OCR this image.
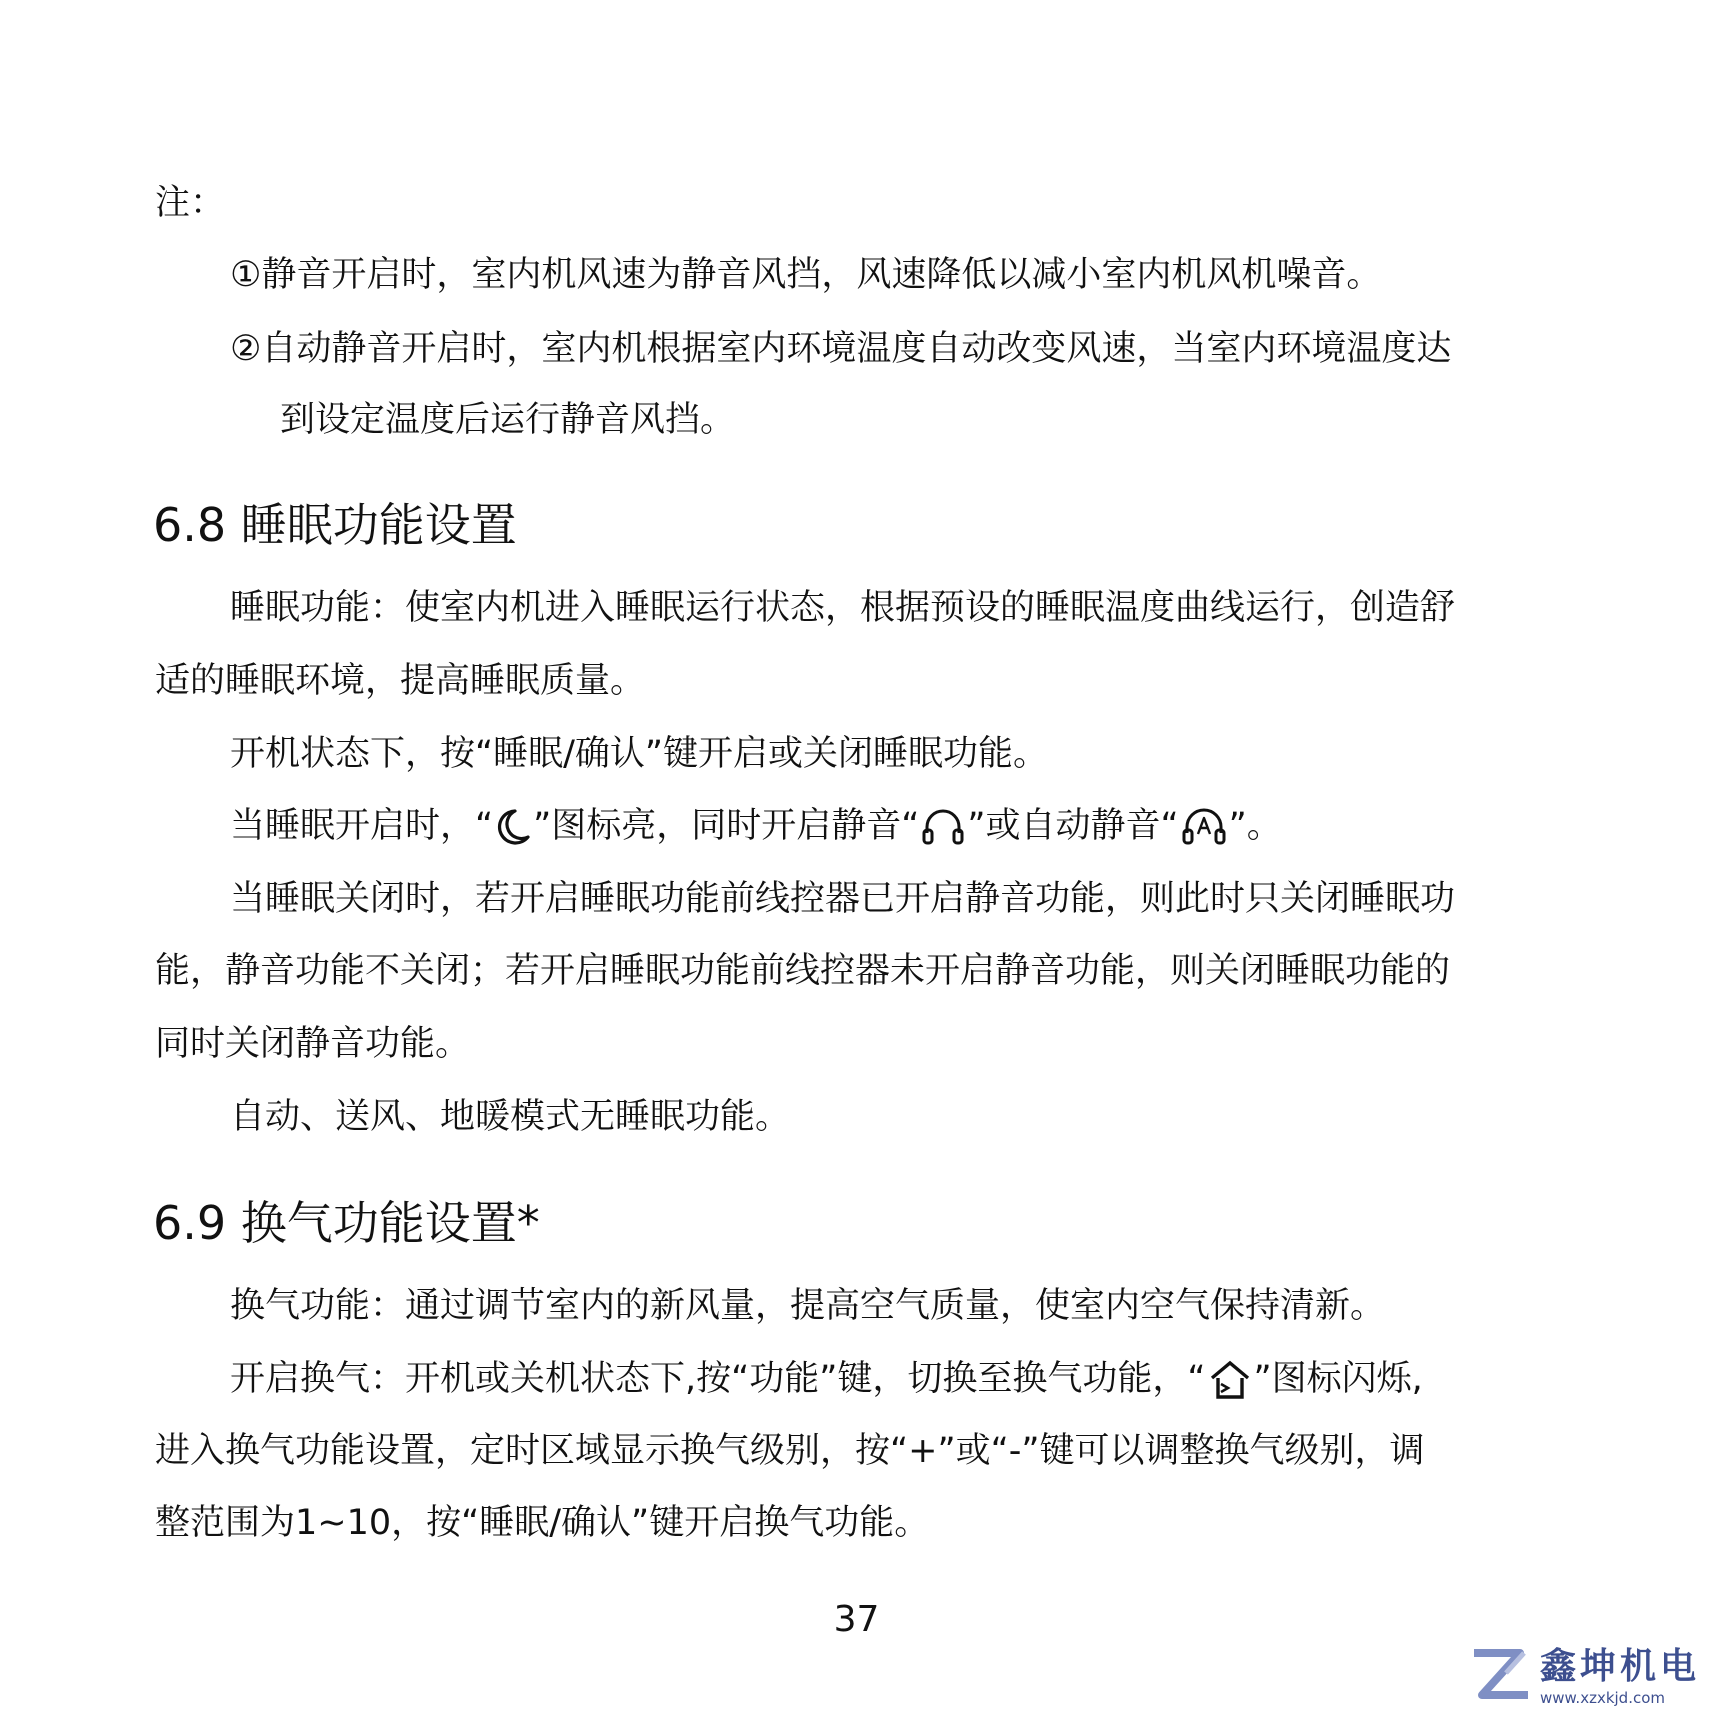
注：
①静音开启时，室内机风速为静音风挡，风速降低以减小室内机风机噪音。
②自动静音开启时，室内机根据室内环境温度自动改变风速，当室内环境温度达
到设定温度后运行静音风挡。
6.8 睡眠功能设置
睡眠功能：使室内机进入睡眠运行状态，根据预设的睡眠温度曲线运行，创造舒
适的睡眠环境，提高睡眠质量。
开机状态下，按“睡眠/确认”键开启或关闭睡眠功能。
当睡眠开启时，“ ”图标亮，同时开启静音“ ”或自动静音“ ”。
当睡眠关闭时，若开启睡眠功能前线控器已开启静音功能，则此时只关闭睡眠功
能，静音功能不关闭；若开启睡眠功能前线控器未开启静音功能，则关闭睡眠功能的
同时关闭静音功能。
自动、送风、地暖模式无睡眠功能。
6.9 换气功能设置*
换气功能：通过调节室内的新风量，提高空气质量，使室内空气保持清新。
开启换气：开机或关机状态下,按“功能”键，切换至换气功能，“ ”图标闪烁,
进入换气功能设置，定时区域显示换气级别，按“+”或“-”键可以调整换气级别，调
整范围为1~10，按“睡眠/确认”键开启换气功能。
37
鑫坤机电
www.xzxkjd.com
